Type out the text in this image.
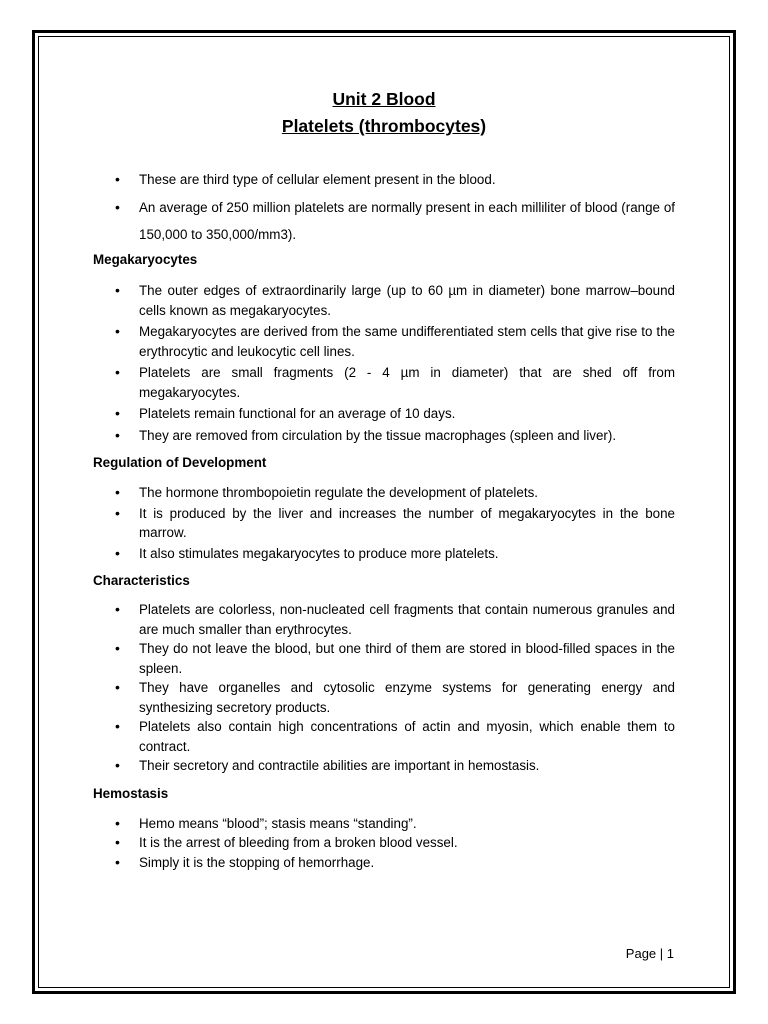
Unit 2 Blood
Platelets (thrombocytes)
• These are third type of cellular element present in the blood.
• An average of 250 million platelets are normally present in each milliliter of blood (range of 150,000 to 350,000/mm3).
Megakaryocytes
• The outer edges of extraordinarily large (up to 60 µm in diameter) bone marrow–bound cells known as megakaryocytes.
• Megakaryocytes are derived from the same undifferentiated stem cells that give rise to the erythrocytic and leukocytic cell lines.
• Platelets are small fragments (2 - 4 µm in diameter) that are shed off from megakaryocytes.
• Platelets remain functional for an average of 10 days.
• They are removed from circulation by the tissue macrophages (spleen and liver).
Regulation of Development
• The hormone thrombopoietin regulate the development of platelets.
• It is produced by the liver and increases the number of megakaryocytes in the bone marrow.
• It also stimulates megakaryocytes to produce more platelets.
Characteristics
• Platelets are colorless, non-nucleated cell fragments that contain numerous granules and are much smaller than erythrocytes.
• They do not leave the blood, but one third of them are stored in blood-filled spaces in the spleen.
• They have organelles and cytosolic enzyme systems for generating energy and synthesizing secretory products.
• Platelets also contain high concentrations of actin and myosin, which enable them to contract.
• Their secretory and contractile abilities are important in hemostasis.
Hemostasis
• Hemo means “blood”; stasis means “standing”.
• It is the arrest of bleeding from a broken blood vessel.
• Simply it is the stopping of hemorrhage.
Page | 1
